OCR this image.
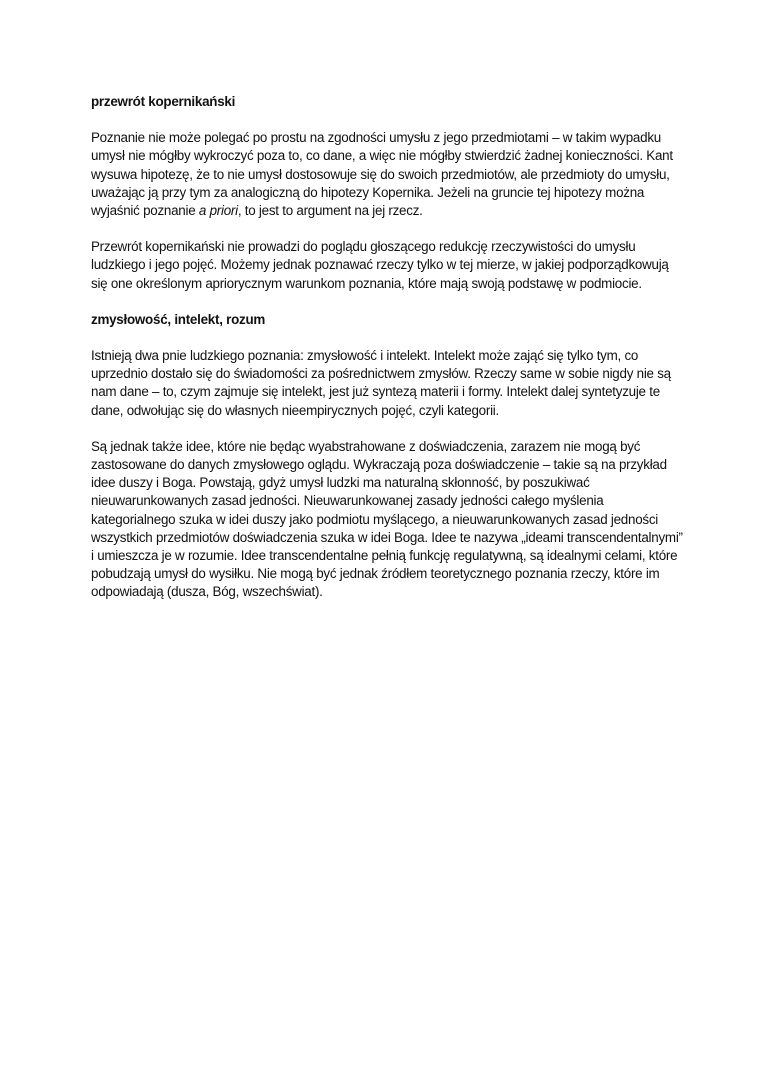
przewrót kopernikański
Poznanie nie może polegać po prostu na zgodności umysłu z jego przedmiotami – w takim wypadku
umysł nie mógłby wykroczyć poza to, co dane, a więc nie mógłby stwierdzić żadnej konieczności. Kant
wysuwa hipotezę, że to nie umysł dostosowuje się do swoich przedmiotów, ale przedmioty do umysłu,
uważając ją przy tym za analogiczną do hipotezy Kopernika. Jeżeli na gruncie tej hipotezy można
wyjaśnić poznanie a priori, to jest to argument na jej rzecz.
Przewrót kopernikański nie prowadzi do poglądu głoszącego redukcję rzeczywistości do umysłu
ludzkiego i jego pojęć. Możemy jednak poznawać rzeczy tylko w tej mierze, w jakiej podporządkowują
się one określonym apriorycznym warunkom poznania, które mają swoją podstawę w podmiocie.
zmysłowość, intelekt, rozum
Istnieją dwa pnie ludzkiego poznania: zmysłowość i intelekt. Intelekt może zająć się tylko tym, co
uprzednio dostało się do świadomości za pośrednictwem zmysłów. Rzeczy same w sobie nigdy nie są
nam dane – to, czym zajmuje się intelekt, jest już syntezą materii i formy. Intelekt dalej syntetyzuje te
dane, odwołując się do własnych nieempirycznych pojęć, czyli kategorii.
Są jednak także idee, które nie będąc wyabstrahowane z doświadczenia, zarazem nie mogą być
zastosowane do danych zmysłowego oglądu. Wykraczają poza doświadczenie – takie są na przykład
idee duszy i Boga. Powstają, gdyż umysł ludzki ma naturalną skłonność, by poszukiwać
nieuwarunkowanych zasad jedności. Nieuwarunkowanej zasady jedności całego myślenia
kategorialnego szuka w idei duszy jako podmiotu myślącego, a nieuwarunkowanych zasad jedności
wszystkich przedmiotów doświadczenia szuka w idei Boga. Idee te nazywa „ideami transcendentalnymi”
i umieszcza je w rozumie. Idee transcendentalne pełnią funkcję regulatywną, są idealnymi celami, które
pobudzają umysł do wysiłku. Nie mogą być jednak źródłem teoretycznego poznania rzeczy, które im
odpowiadają (dusza, Bóg, wszechświat).
